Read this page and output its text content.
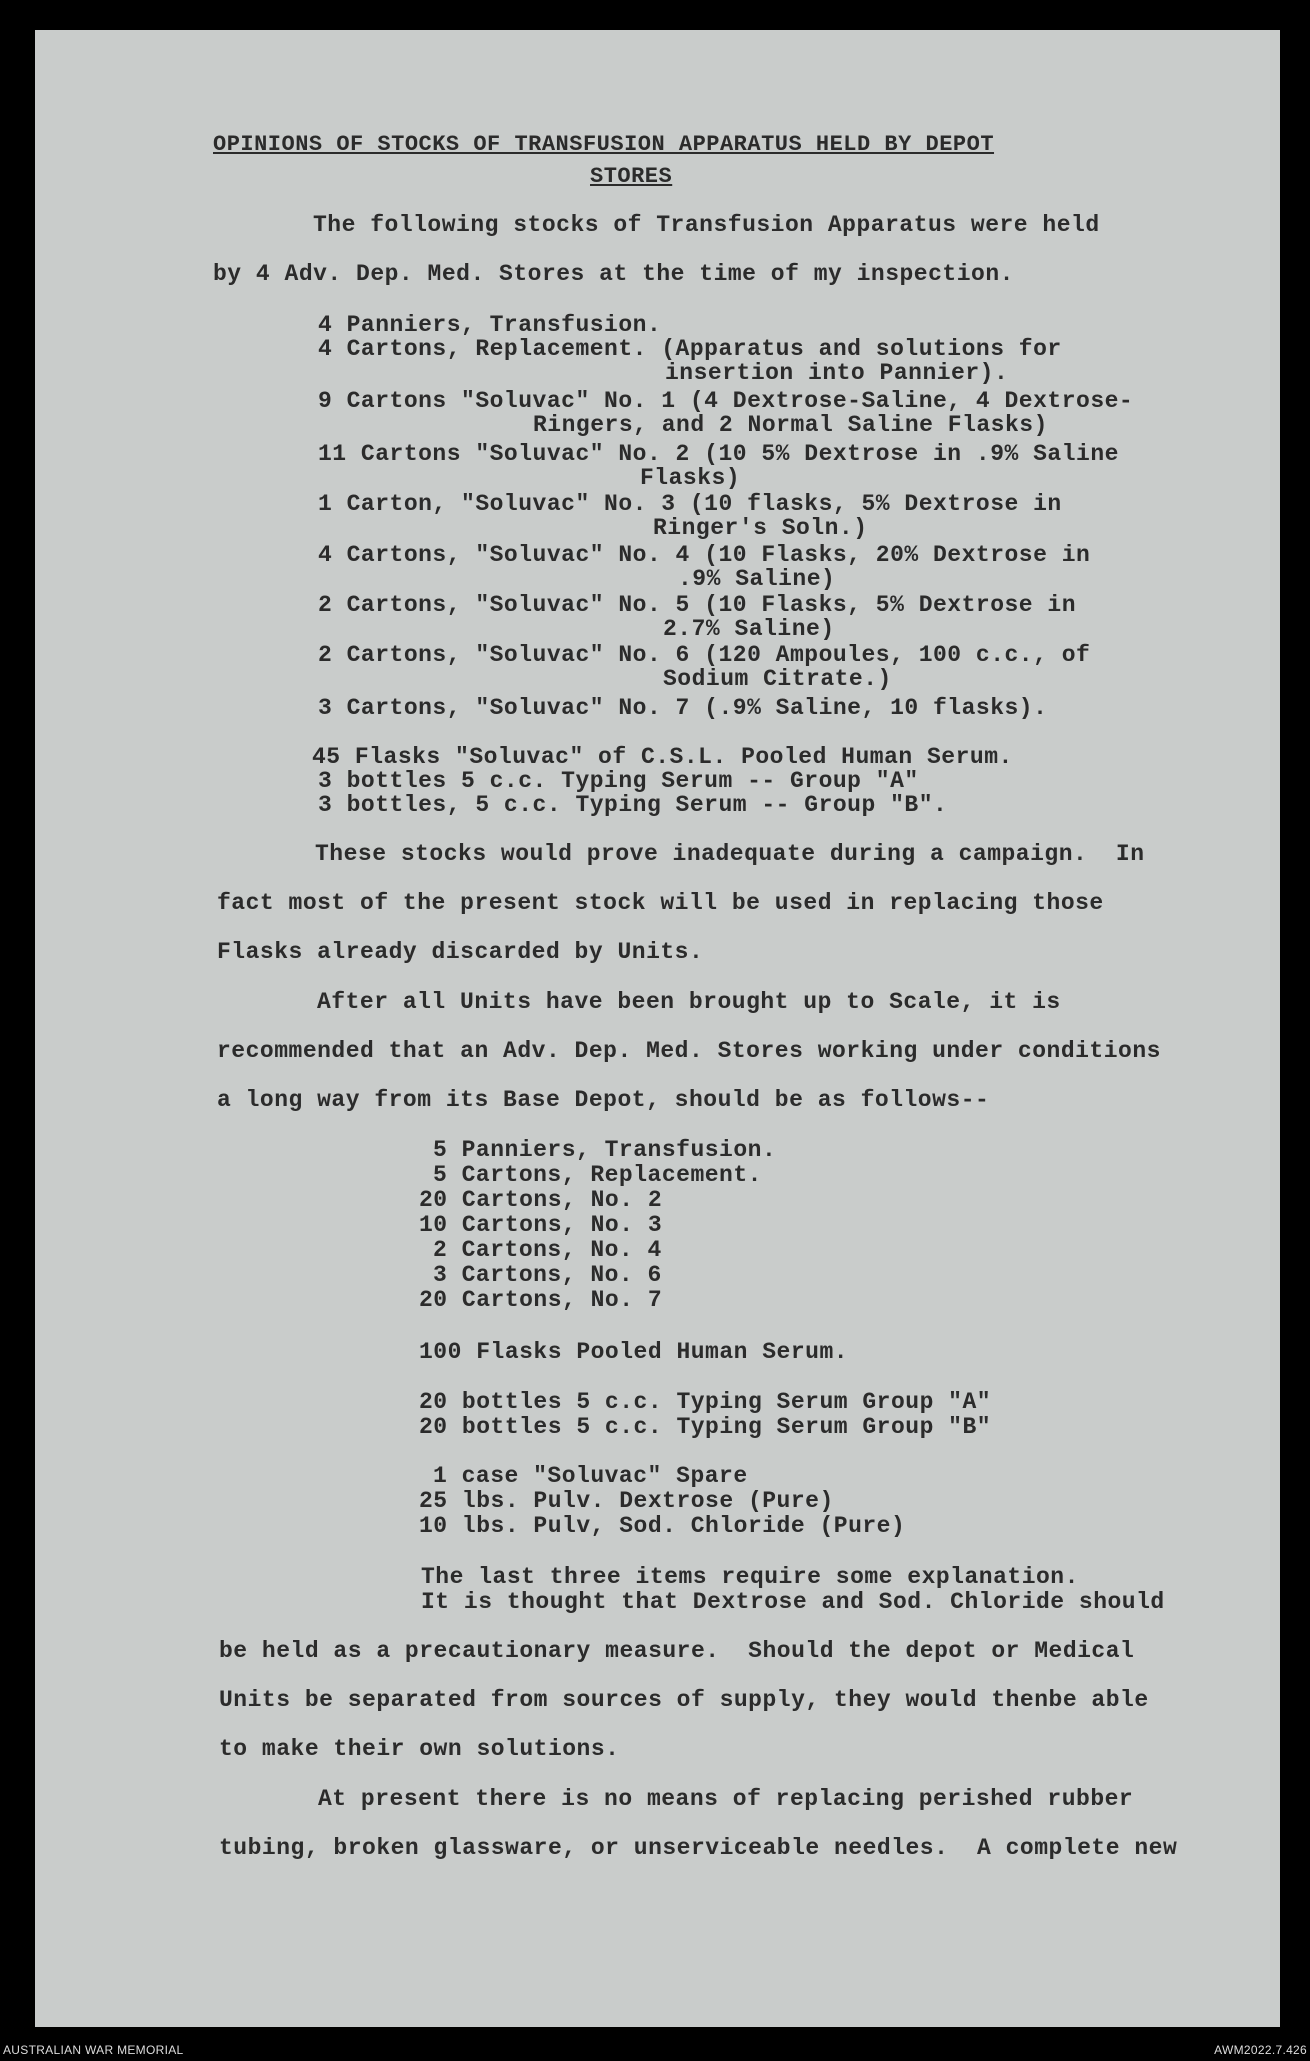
OPINIONS OF STOCKS OF TRANSFUSION APPARATUS HELD BY DEPOT
STORES
The following stocks of Transfusion Apparatus were held
by 4 Adv. Dep. Med. Stores at the time of my inspection.
4 Panniers, Transfusion.
4 Cartons, Replacement. (Apparatus and solutions for
insertion into Pannier).
9 Cartons "Soluvac" No. 1 (4 Dextrose-Saline, 4 Dextrose-
Ringers, and 2 Normal Saline Flasks)
11 Cartons "Soluvac" No. 2 (10 5% Dextrose in .9% Saline
Flasks)
1 Carton, "Soluvac" No. 3 (10 flasks, 5% Dextrose in
Ringer's Soln.)
4 Cartons, "Soluvac" No. 4 (10 Flasks, 20% Dextrose in
.9% Saline)
2 Cartons, "Soluvac" No. 5 (10 Flasks, 5% Dextrose in
2.7% Saline)
2 Cartons, "Soluvac" No. 6 (120 Ampoules, 100 c.c., of
Sodium Citrate.)
3 Cartons, "Soluvac" No. 7 (.9% Saline, 10 flasks).
45 Flasks "Soluvac" of C.S.L. Pooled Human Serum.
3 bottles 5 c.c. Typing Serum -- Group "A"
3 bottles, 5 c.c. Typing Serum -- Group "B".
These stocks would prove inadequate during a campaign.  In
fact most of the present stock will be used in replacing those
Flasks already discarded by Units.
After all Units have been brought up to Scale, it is
recommended that an Adv. Dep. Med. Stores working under conditions
a long way from its Base Depot, should be as follows--
5 Panniers, Transfusion.
5 Cartons, Replacement.
20 Cartons, No. 2
10 Cartons, No. 3
2 Cartons, No. 4
3 Cartons, No. 6
20 Cartons, No. 7
100 Flasks Pooled Human Serum.
20 bottles 5 c.c. Typing Serum Group "A"
20 bottles 5 c.c. Typing Serum Group "B"
1 case "Soluvac" Spare
25 lbs. Pulv. Dextrose (Pure)
10 lbs. Pulv, Sod. Chloride (Pure)
The last three items require some explanation.
It is thought that Dextrose and Sod. Chloride should
be held as a precautionary measure.  Should the depot or Medical
Units be separated from sources of supply, they would thenbe able
to make their own solutions.
At present there is no means of replacing perished rubber
tubing, broken glassware, or unserviceable needles.  A complete new
AUSTRALIAN WAR MEMORIAL	AWM2022.7.426
